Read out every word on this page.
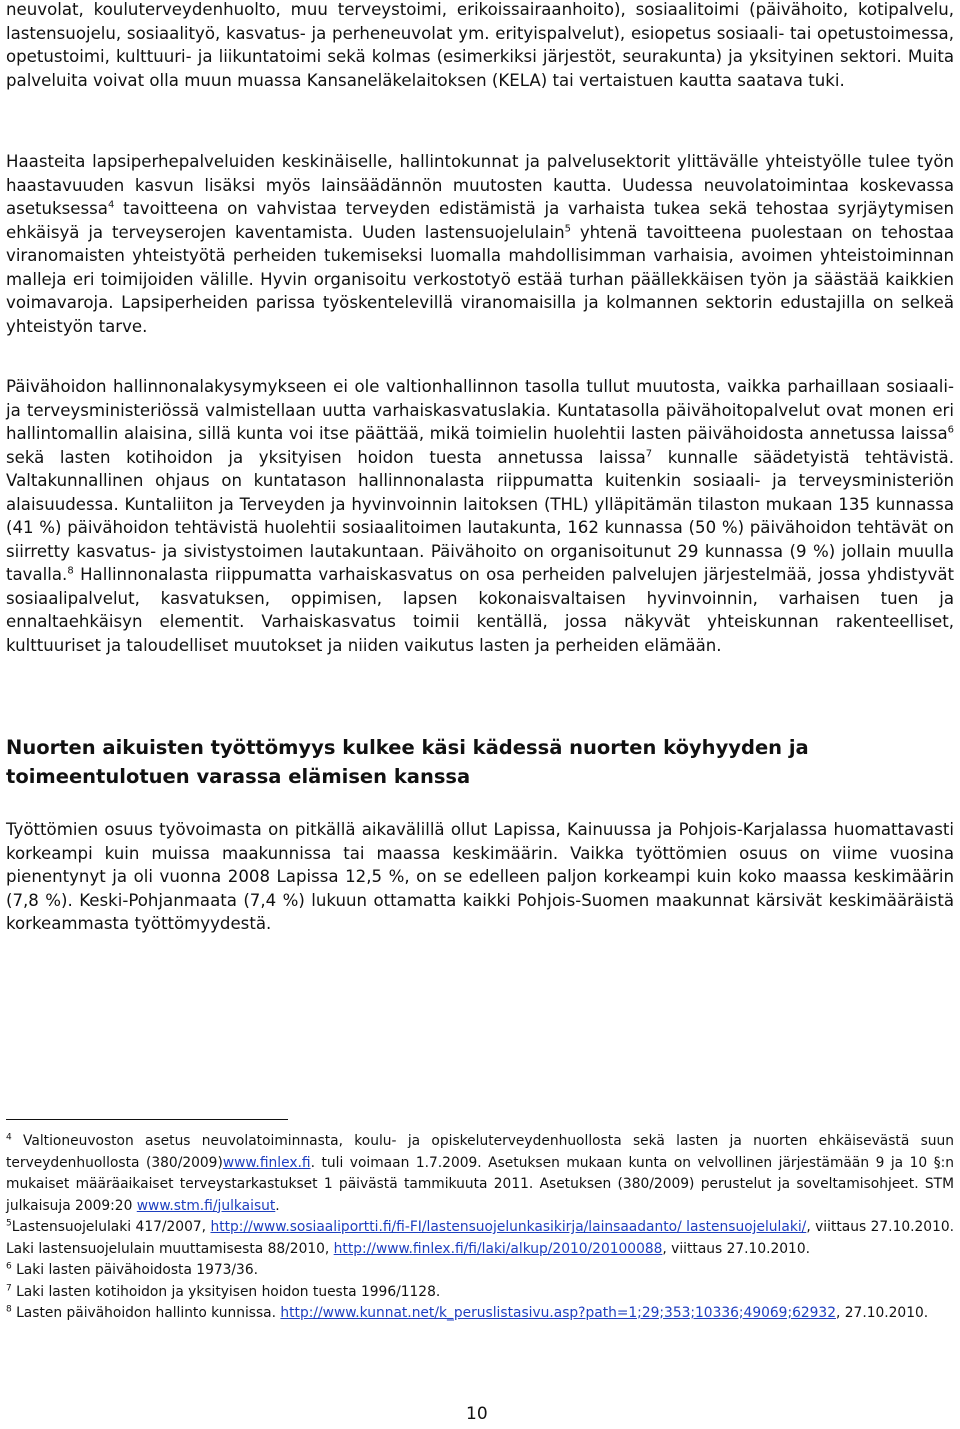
neuvolat, kouluterveydenhuolto, muu terveystoimi, erikoissairaanhoito), sosiaalitoimi (päivähoito, kotipalvelu, lastensuojelu, sosiaalityö, kasvatus- ja perheneuvolat ym. erityispalvelut), esiopetus sosiaali- tai opetustoimessa, opetustoimi, kulttuuri- ja liikuntatoimi sekä kolmas (esimerkiksi järjestöt, seurakunta) ja yksityinen sektori. Muita palveluita voivat olla muun muassa Kansaneläkelaitoksen (KELA) tai vertaistuen kautta saatava tuki.

Haasteita lapsiperhepalveluiden keskinäiselle, hallintokunnat ja palvelusektorit ylittävälle yhteistyölle tulee työn haastavuuden kasvun lisäksi myös lainsäädännön muutosten kautta. Uudessa neuvolatoimintaa koskevassa asetuksessa$^4$ tavoitteena on vahvistaa terveyden edistämistä ja varhaista tukea sekä tehostaa syrjäytymisen ehkäisyä ja terveyserojen kaventamista. Uuden lastensuojelulain$^5$ yhtenä tavoitteena puolestaan on tehostaa viranomaisten yhteistyötä perheiden tukemiseksi luomalla mahdollisimman varhaisia, avoimen yhteistoiminnan malleja eri toimijoiden välille. Hyvin organisoitu verkostotyö estää turhan päällekkäisen työn ja säästää kaikkien voimavaroja. Lapsiperheiden parissa työskentelevillä viranomaisilla ja kolmannen sektorin edustajilla on selkeä yhteistyön tarve.

Päivähoidon hallinnonalakysymykseen ei ole valtionhallinnon tasolla tullut muutosta, vaikka parhaillaan sosiaali- ja terveysministeriössä valmistellaan uutta varhaiskasvatuslakia. Kuntatasolla päivähoitopalvelut ovat monen eri hallintomallin alaisina, sillä kunta voi itse päättää, mikä toimielin huolehtii lasten päivähoidosta annetussa laissa$^6$ sekä lasten kotihoidon ja yksityisen hoidon tuesta annetussa laissa$^7$ kunnalle säädetyistä tehtävistä. Valtakunnallinen ohjaus on kuntatason hallinnonalasta riippumatta kuitenkin sosiaali- ja terveysministeriön alaisuudessa. Kuntaliiton ja Terveyden ja hyvinvoinnin laitoksen (THL) ylläpitämän tilaston mukaan 135 kunnassa (41 %) päivähoidon tehtävistä huolehtii sosiaalitoimen lautakunta, 162 kunnassa (50 %) päivähoidon tehtävät on siirretty kasvatus- ja sivistystoimen lautakuntaan. Päivähoito on organisoitunut 29 kunnassa (9 %) jollain muulla tavalla.$^8$ Hallinnonalasta riippumatta varhaiskasvatus on osa perheiden palvelujen järjestelmää, jossa yhdistyvät sosiaalipalvelut, kasvatuksen, oppimisen, lapsen kokonaisvaltaisen hyvinvoinnin, varhaisen tuen ja ennaltaehkäisyn elementit. Varhaiskasvatus toimii kentällä, jossa näkyvät yhteiskunnan rakenteelliset, kulttuuriset ja taloudelliset muutokset ja niiden vaikutus lasten ja perheiden elämään.

Nuorten aikuisten työttömyys kulkee käsi kädessä nuorten köyhyyden ja toimeentulotuen varassa elämisen kanssa

Työttömien osuus työvoimasta on pitkällä aikavälillä ollut Lapissa, Kainuussa ja Pohjois-Karjalassa huomattavasti korkeampi kuin muissa maakunnissa tai maassa keskimäärin. Vaikka työttömien osuus on viime vuosina pienentynyt ja oli vuonna 2008 Lapissa 12,5 %, on se edelleen paljon korkeampi kuin koko maassa keskimäärin (7,8 %). Keski-Pohjanmaata (7,4 %) lukuun ottamatta kaikki Pohjois-Suomen maakunnat kärsivät keskimääräistä korkeammasta työttömyydestä.

$^4$ Valtioneuvoston asetus neuvolatoiminnasta, koulu- ja opiskeluterveydenhuollosta sekä lasten ja nuorten ehkäisevästä suun terveydenhuollosta (380/2009)www.finlex.fi. tuli voimaan 1.7.2009. Asetuksen mukaan kunta on velvollinen järjestämään 9 ja 10 §:n mukaiset määräaikaiset terveystarkastukset 1 päivästä tammikuuta 2011. Asetuksen (380/2009) perustelut ja soveltamisohjeet. STM julkaisuja 2009:20 www.stm.fi/julkaisut.

$^5$Lastensuojelulaki 417/2007, http://www.sosiaaliportti.fi/fi-FI/lastensuojelunkasikirja/lainsaadanto/ lastensuojelulaki/, viittaus 27.10.2010. Laki lastensuojelulain muuttamisesta 88/2010, http://www.finlex.fi/fi/laki/alkup/2010/20100088, viittaus 27.10.2010.

$^6$ Laki lasten päivähoidosta 1973/36.

$^7$ Laki lasten kotihoidon ja yksityisen hoidon tuesta 1996/1128.

$^8$ Lasten päivähoidon hallinto kunnissa. http://www.kunnat.net/k_peruslistasivu.asp?path=1;29;353;10336;49069;62932, 27.10.2010.

10
